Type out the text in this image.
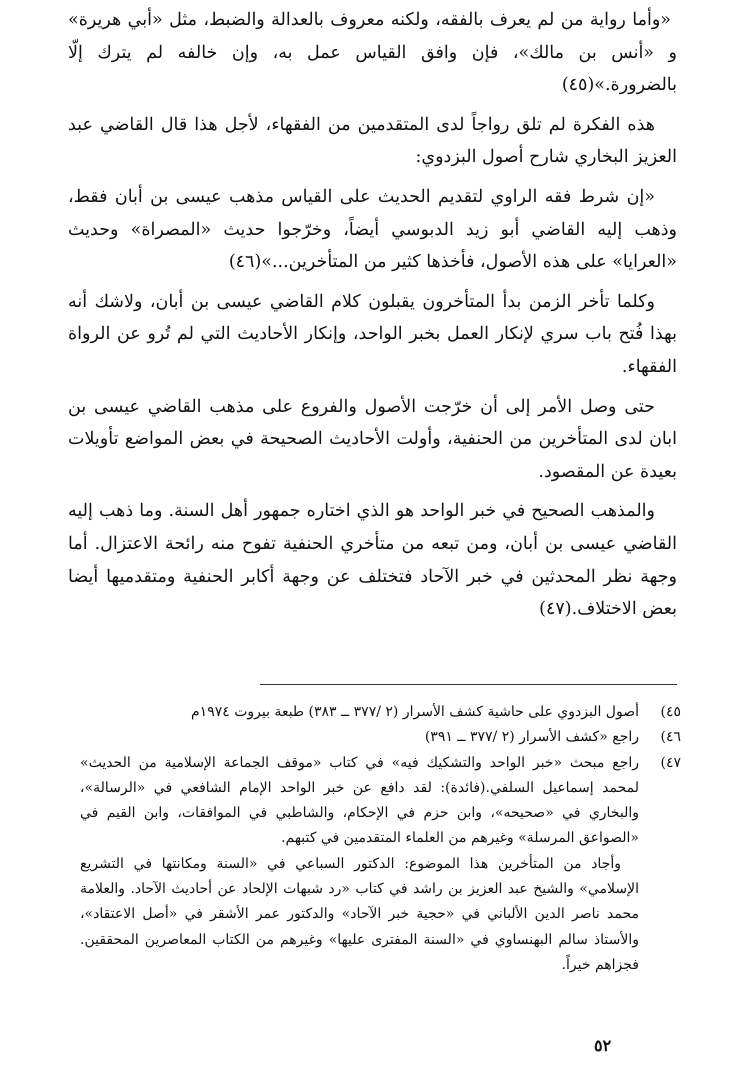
«وأما رواية من لم يعرف بالفقه، ولكنه معروف بالعدالة والضبط، مثل «أبي هريرة» و «أنس بن مالك»، فإن وافق القياس عمل به، وإن خالفه لم يترك إلّا بالضرورة.»(٤٥)

هذه الفكرة لم تلق رواجاً لدى المتقدمين من الفقهاء، لأجل هذا قال القاضي عبد العزيز البخاري شارح أصول البزدوي:

«إن شرط فقه الراوي لتقديم الحديث على القياس مذهب عيسى بن أبان فقط، وذهب إليه القاضي أبو زيد الدبوسي أيضاً، وخرّجوا حديث «المصراة» وحديث «العرايا» على هذه الأصول، فأخذها كثير من المتأخرين...»(٤٦)

وكلما تأخر الزمن بدأ المتأخرون يقبلون كلام القاضي عيسى بن أبان، ولاشك أنه بهذا فُتح باب سري لإنكار العمل بخبر الواحد، وإنكار الأحاديث التي لم تُرو عن الرواة الفقهاء.

حتى وصل الأمر إلى أن خرّجت الأصول والفروع على مذهب القاضي عيسى بن ابان لدى المتأخرين من الحنفية، وأولت الأحاديث الصحيحة في بعض المواضع تأويلات بعيدة عن المقصود.

والمذهب الصحيح في خبر الواحد هو الذي اختاره جمهور أهل السنة. وما ذهب إليه القاضي عيسى بن أبان، ومن تبعه من متأخري الحنفية تفوح منه رائحة الاعتزال. أما وجهة نظر المحدثين في خبر الآحاد فتختلف عن وجهة أكابر الحنفية ومتقدميها أيضا بعض الاختلاف.(٤٧)

٤٥)

أصول البزدوي على حاشية كشف الأسرار (٢ /٣٧٧ ــ ٣٨٣) طبعة بيروت ١٩٧٤م

٤٦)

راجع «كشف الأسرار (٢ /٣٧٧ ــ ٣٩١)

٤٧)

راجع مبحث «خبر الواحد والتشكيك فيه» في كتاب «موقف الجماعة الإسلامية من الحديث» لمحمد إسماعيل السلفي.(فائدة): لقد دافع عن خبر الواحد الإمام الشافعي في «الرسالة»، والبخاري في «صحيحه»، وابن حزم في الإحكام، والشاطبي في الموافقات، وابن القيم في «الصواعق المرسلة» وغيرهم من العلماء المتقدمين في كتبهم.

وأجاد من المتأخرين هذا الموضوع: الدكتور السباعي في «السنة ومكانتها في التشريع الإسلامي» والشيخ عبد العزيز بن راشد في كتاب «رد شبهات الإلحاد عن أحاديث الآحاد. والعلامة محمد ناصر الدين الألباني في «حجية خبر الآحاد» والدكتور عمر الأشقر في «أصل الاعتقاد»، والأستاذ سالم البهنساوي في «السنة المفترى عليها» وغيرهم من الكتاب المعاصرين المحققين. فجزاهم خيراً.

٥٢
